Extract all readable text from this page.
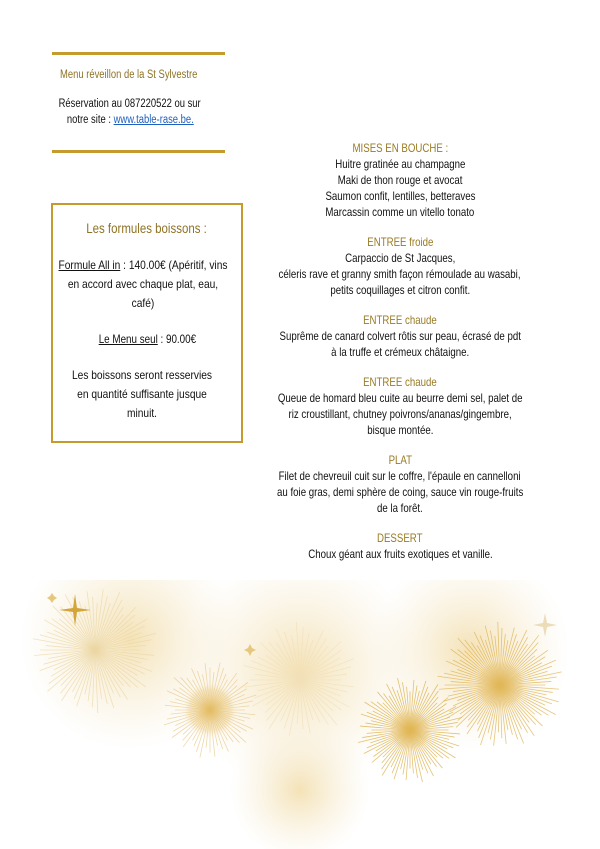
Menu réveillon de la St Sylvestre
Réservation au 087220522 ou sur
notre site : www.table-rase.be.
Les formules boissons :

Formule All in : 140.00€ (Apéritif, vins en accord avec chaque plat, eau, café)

Le Menu seul : 90.00€

Les boissons seront resservies en quantité suffisante jusque minuit.

MISES EN BOUCHE :
Huitre gratinée au champagne
Maki de thon rouge et avocat
Saumon confit, lentilles, betteraves
Marcassin comme un vitello tonato
ENTREE froide
Carpaccio de St Jacques,
céleris rave et granny smith façon rémoulade au wasabi,
petits coquillages et citron confit.
ENTREE chaude
Suprême de canard colvert rôtis sur peau, écrasé de pdt
à la truffe et crémeux châtaigne.
ENTREE chaude
Queue de homard bleu cuite au beurre demi sel, palet de
riz croustillant, chutney poivrons/ananas/gingembre,
bisque montée.
PLAT
Filet de chevreuil cuit sur le coffre, l'épaule en cannelloni
au foie gras, demi sphère de coing, sauce vin rouge-fruits
de la forêt.
DESSERT
Choux géant aux fruits exotiques et vanille.
